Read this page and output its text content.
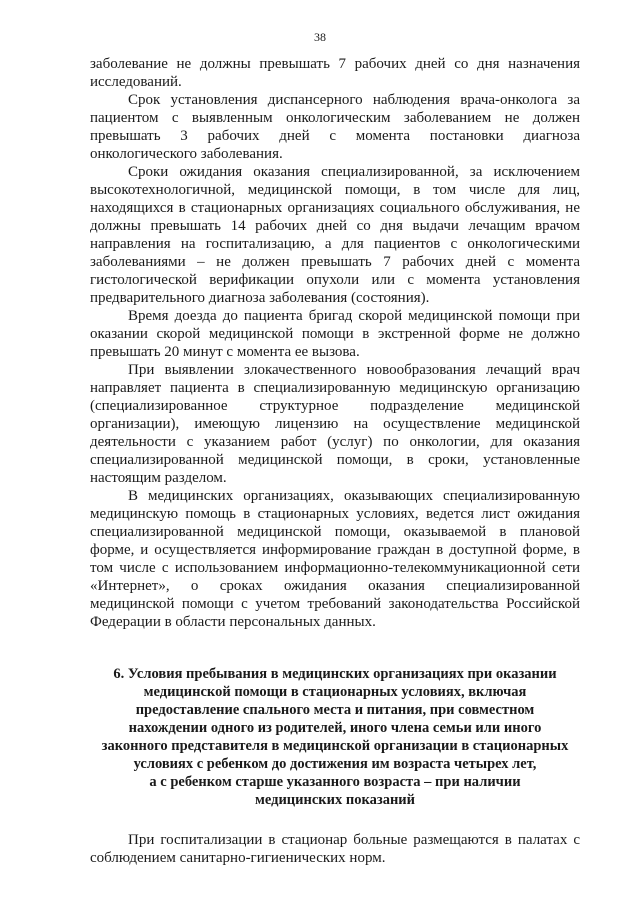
38
заболевание не должны превышать 7 рабочих дней со дня назначения
исследований.
Срок установления диспансерного наблюдения врача-онколога за
пациентом с выявленным онкологическим заболеванием не должен
превышать 3 рабочих дней с момента постановки диагноза
онкологического заболевания.
Сроки ожидания оказания специализированной, за исключением
высокотехнологичной, медицинской помощи, в том числе для лиц,
находящихся в стационарных организациях социального обслуживания, не
должны превышать 14 рабочих дней со дня выдачи лечащим врачом
направления на госпитализацию, а для пациентов с онкологическими
заболеваниями – не должен превышать 7 рабочих дней с момента
гистологической верификации опухоли или с момента установления
предварительного диагноза заболевания (состояния).
Время доезда до пациента бригад скорой медицинской помощи при
оказании скорой медицинской помощи в экстренной форме не должно
превышать 20 минут с момента ее вызова.
При выявлении злокачественного новообразования лечащий врач
направляет пациента в специализированную медицинскую организацию
(специализированное структурное подразделение медицинской
организации), имеющую лицензию на осуществление медицинской
деятельности с указанием работ (услуг) по онкологии, для оказания
специализированной медицинской помощи, в сроки, установленные
настоящим разделом.
В медицинских организациях, оказывающих специализированную
медицинскую помощь в стационарных условиях, ведется лист ожидания
специализированной медицинской помощи, оказываемой в плановой
форме, и осуществляется информирование граждан в доступной форме, в
том числе с использованием информационно-телекоммуникационной сети
«Интернет», о сроках ожидания оказания специализированной
медицинской помощи с учетом требований законодательства Российской
Федерации в области персональных данных.
6. Условия пребывания в медицинских организациях при оказании
медицинской помощи в стационарных условиях, включая
предоставление спального места и питания, при совместном
нахождении одного из родителей, иного члена семьи или иного
законного представителя в медицинской организации в стационарных
условиях с ребенком до достижения им возраста четырех лет,
а с ребенком старше указанного возраста – при наличии
медицинских показаний
При госпитализации в стационар больные размещаются в палатах с
соблюдением санитарно-гигиенических норм.
